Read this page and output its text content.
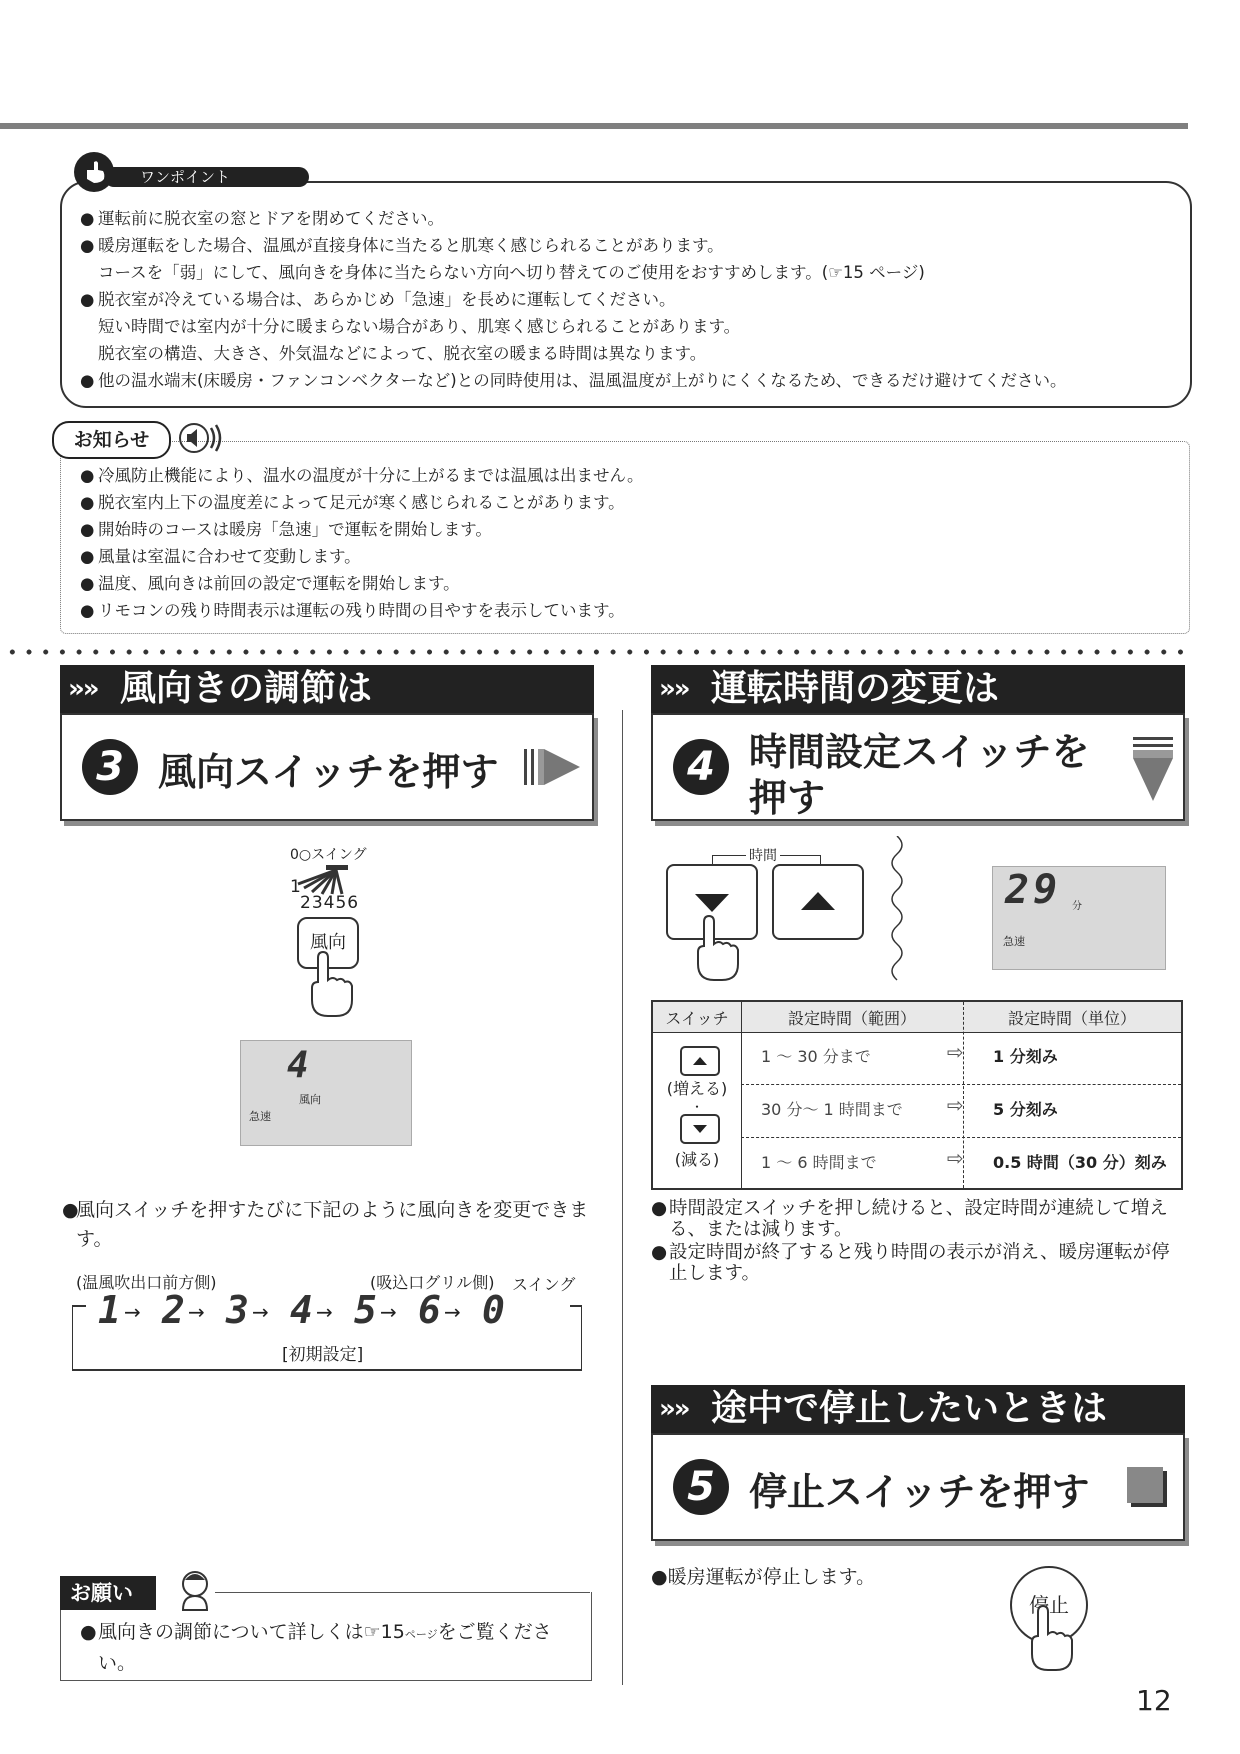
ワンポイント
● 運転前に脱衣室の窓とドアを閉めてください。
● 暖房運転をした場合、温風が直接身体に当たると肌寒く感じられることがあります。
コースを「弱」にして、風向きを身体に当たらない方向へ切り替えてのご使用をおすすめします。(☞15 ページ)
● 脱衣室が冷えている場合は、あらかじめ「急速」を長めに運転してください。
短い時間では室内が十分に暖まらない場合があり、肌寒く感じられることがあります。
脱衣室の構造、大きさ、外気温などによって、脱衣室の暖まる時間は異なります。
● 他の温水端末(床暖房・ファンコンベクターなど)との同時使用は、温風温度が上がりにくくなるため、できるだけ避けてください。
お知らせ
● 冷風防止機能により、温水の温度が十分に上がるまでは温風は出ません。
● 脱衣室内上下の温度差によって足元が寒く感じられることがあります。
● 開始時のコースは暖房「急速」で運転を開始します。
● 風量は室温に合わせて変動します。
● 温度、風向きは前回の設定で運転を開始します。
● リモコンの残り時間表示は運転の残り時間の目やすを表示しています。
»» 風向きの調節は
3 風向スイッチを押す
0○スイング
1
23456
風向
4
風向
急速
●
風向スイッチを押すたびに下記のように風向きを変更できます。
(温風吹出口前方側)	(吸込口グリル側) スイング
1 → 2 → 3 → 4 → 5 → 6 → 0
[初期設定]
お願い
● 風向きの調節について詳しくは☞15ページをご覧ください。
»» 運転時間の変更は
4 時間設定スイッチを
押す
時間
29 分
急速
スイッチ	設定時間（範囲）	設定時間（単位）
(増える)
・
(減る)
1 ～ 30 分まで	⇨ 1 分刻み
30 分～ 1 時間まで ⇨ 5 分刻み
1 ～ 6 時間まで	⇨ 0.5 時間（30 分）刻み
● 時間設定スイッチを押し続けると、設定時間が連続して増える、または減ります。
● 設定時間が終了すると残り時間の表示が消え、暖房運転が停止します。
»» 途中で停止したいときは
5 停止スイッチを押す
●暖房運転が停止します。
停止
12
